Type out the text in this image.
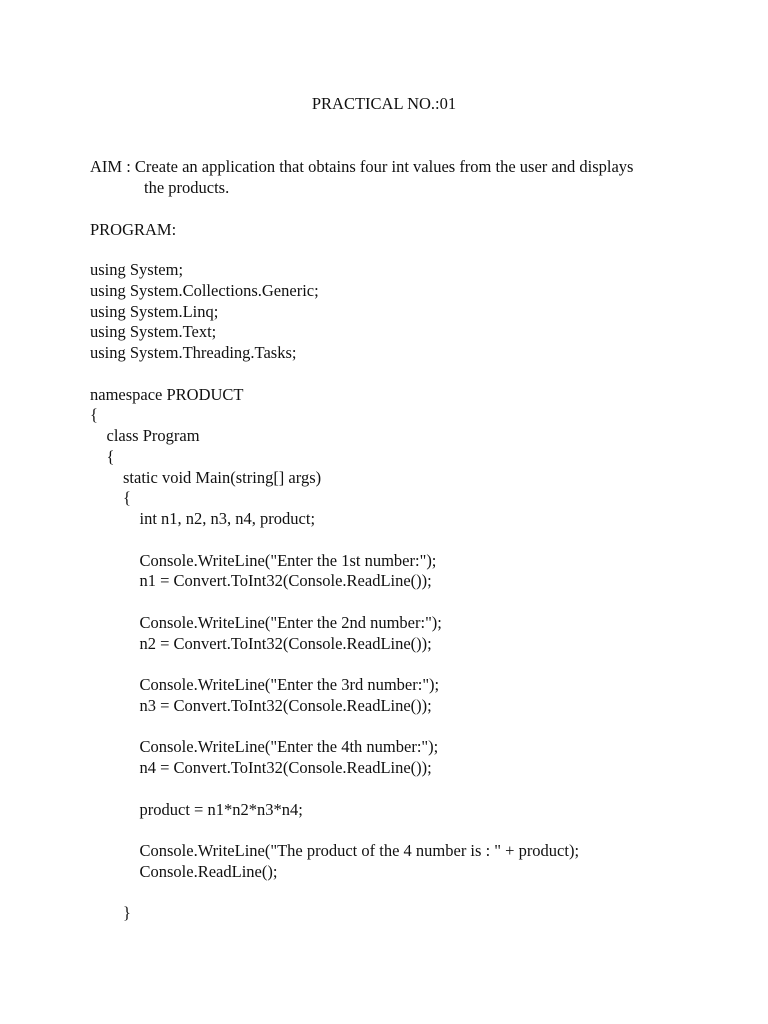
PRACTICAL NO.:01
AIM : Create an application that obtains four int values from the user and displays
the products.
PROGRAM:
using System;
using System.Collections.Generic;
using System.Linq;
using System.Text;
using System.Threading.Tasks;
namespace PRODUCT
{
class Program
{
static void Main(string[] args)
{
int n1, n2, n3, n4, product;
Console.WriteLine("Enter the 1st number:");
n1 = Convert.ToInt32(Console.ReadLine());
Console.WriteLine("Enter the 2nd number:");
n2 = Convert.ToInt32(Console.ReadLine());
Console.WriteLine("Enter the 3rd number:");
n3 = Convert.ToInt32(Console.ReadLine());
Console.WriteLine("Enter the 4th number:");
n4 = Convert.ToInt32(Console.ReadLine());
product = n1*n2*n3*n4;
Console.WriteLine("The product of the 4 number is : " + product);
Console.ReadLine();
}
